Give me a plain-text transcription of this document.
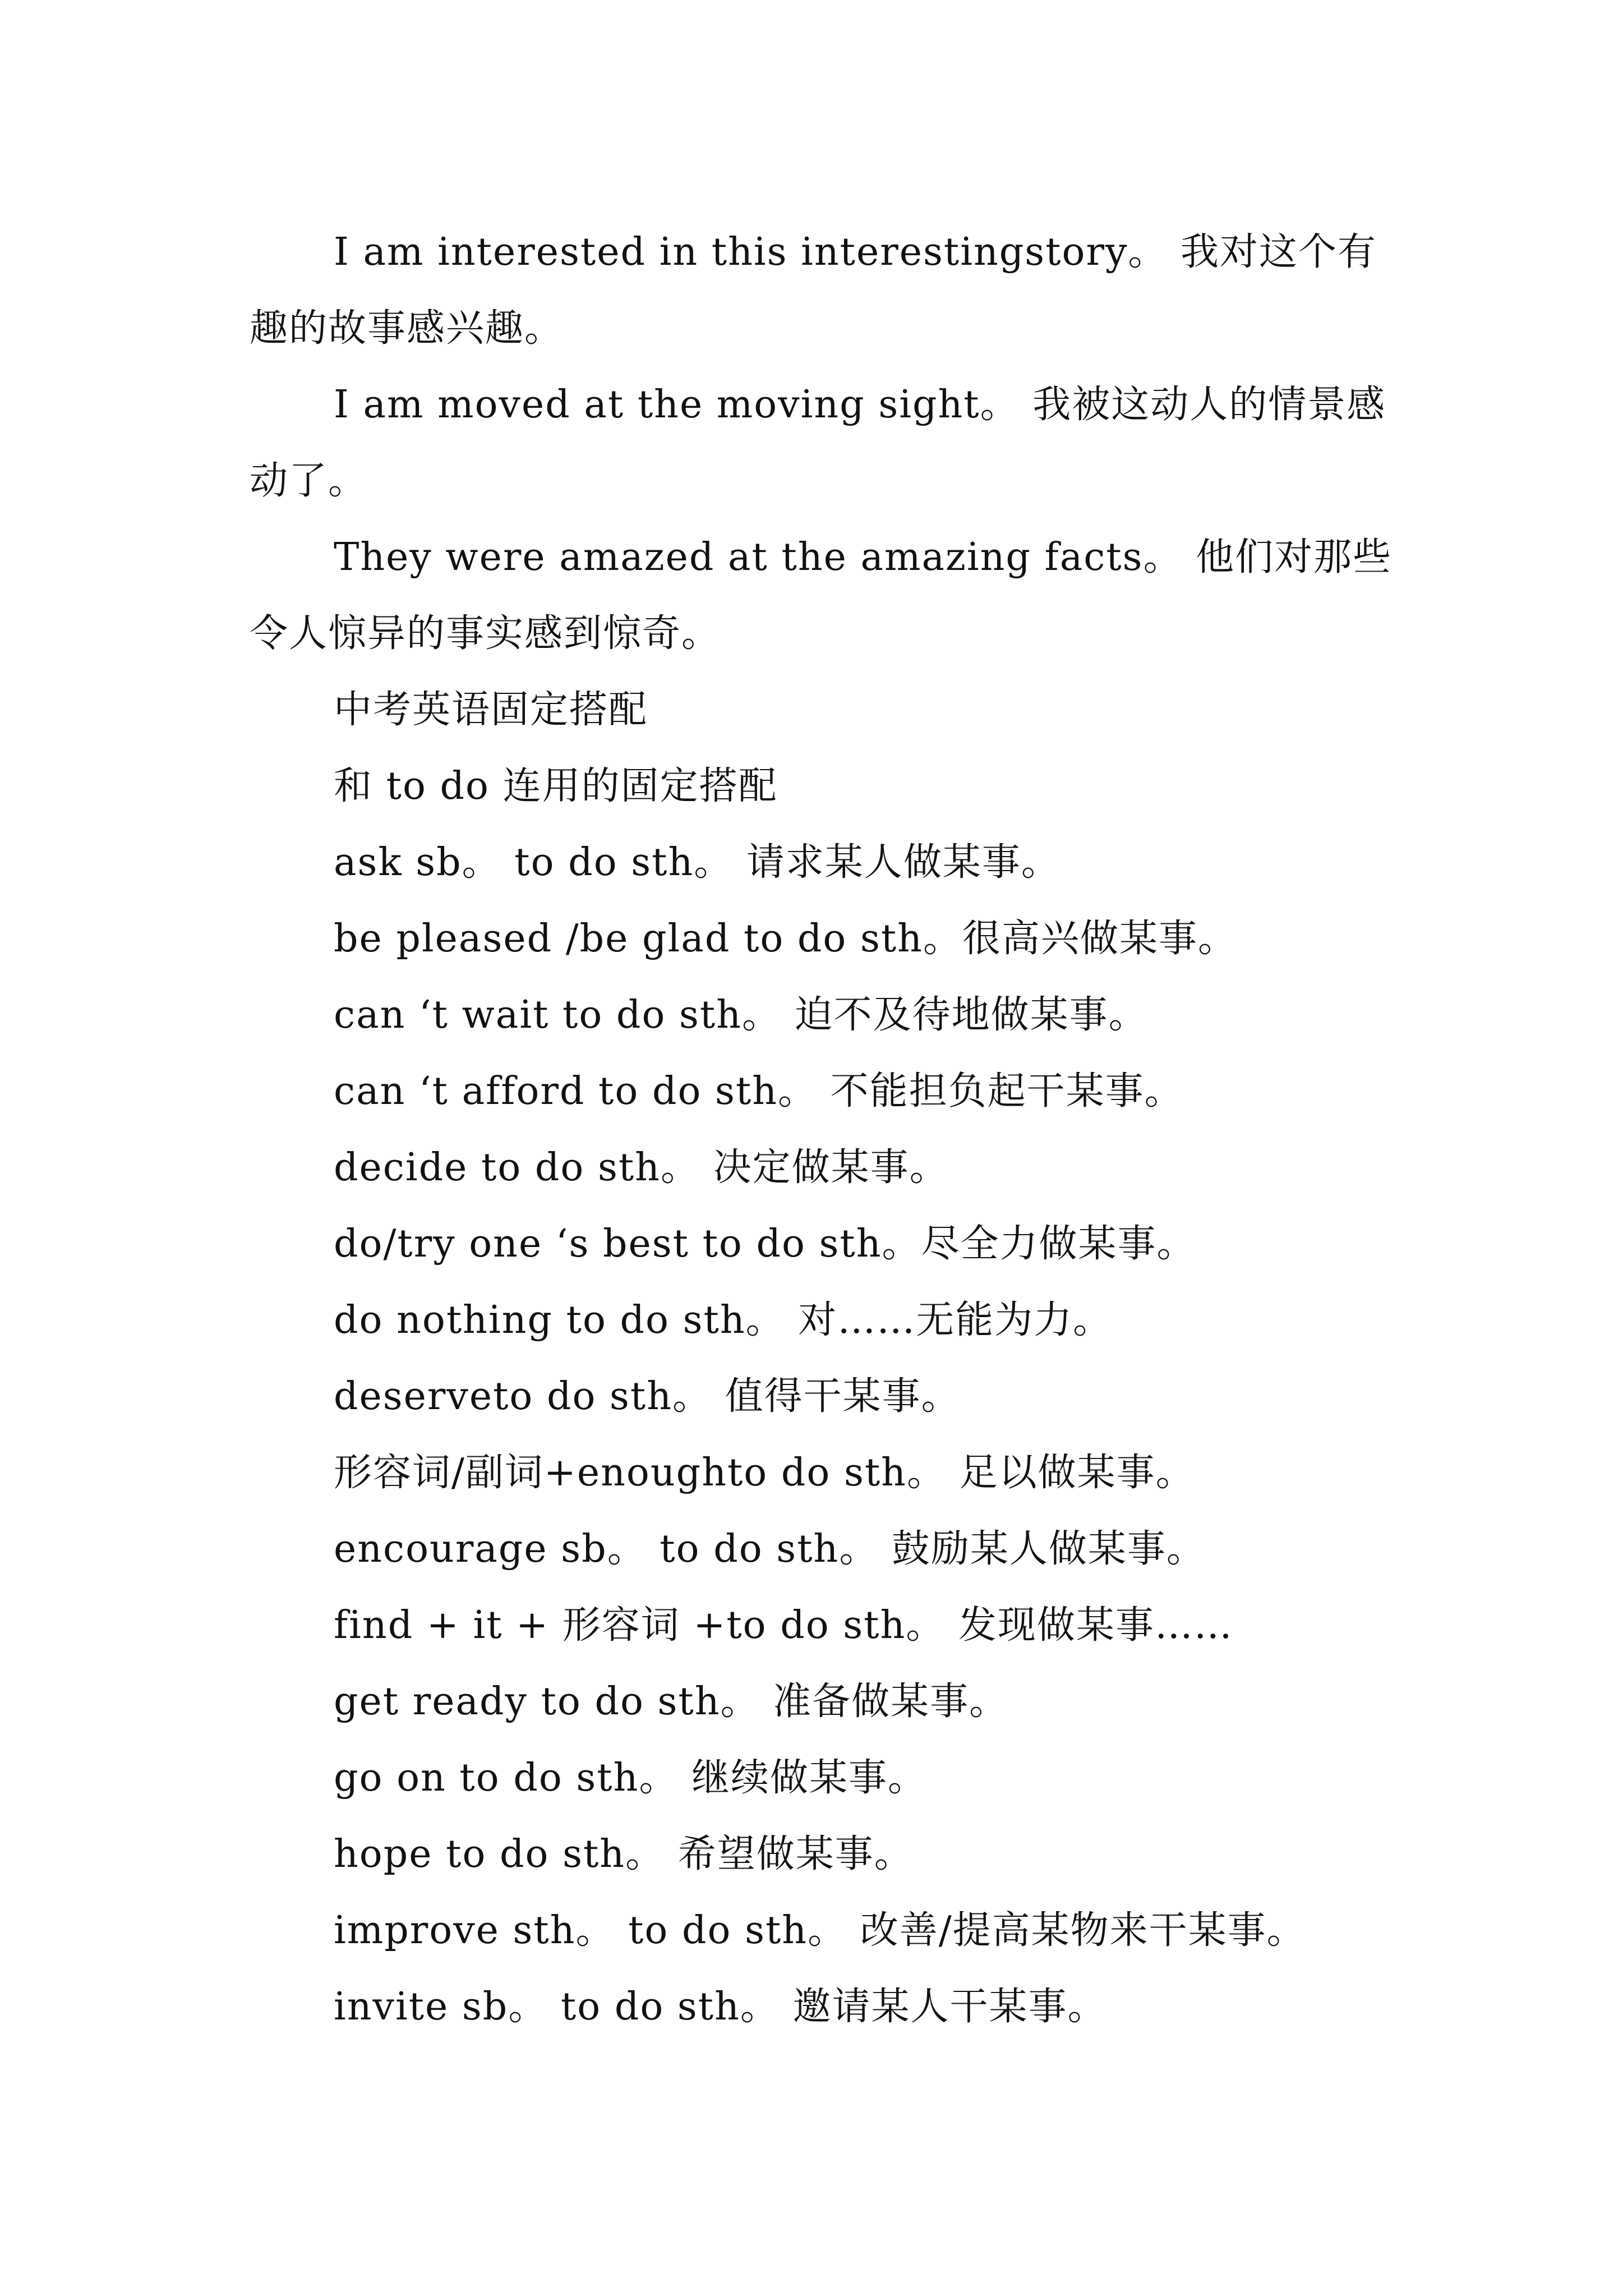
I am interested in this interestingstory。 我对这个有趣的故事感兴趣。

I am moved at the moving sight。 我被这动人的情景感动了。

They were amazed at the amazing facts。 他们对那些令人惊异的事实感到惊奇。

中考英语固定搭配

和 to do 连用的固定搭配

ask sb。 to do sth。 请求某人做某事。

be pleased /be glad to do sth。很高兴做某事。

can ‘t wait to do sth。 迫不及待地做某事。

can ‘t afford to do sth。 不能担负起干某事。

decide to do sth。 决定做某事。

do/try one ‘s best to do sth。尽全力做某事。

do nothing to do sth。 对……无能为力。

deserveto do sth。 值得干某事。

形容词/副词+enoughto do sth。 足以做某事。

encourage sb。 to do sth。 鼓励某人做某事。

find + it + 形容词 +to do sth。 发现做某事……

get ready to do sth。 准备做某事。

go on to do sth。 继续做某事。

hope to do sth。 希望做某事。

improve sth。 to do sth。 改善/提高某物来干某事。

invite sb。 to do sth。 邀请某人干某事。
